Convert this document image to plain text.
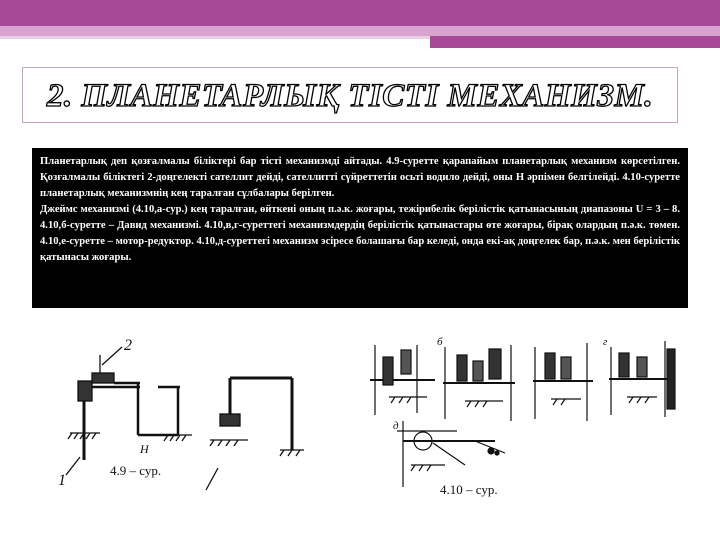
2. ПЛАНЕТАРЛЫҚ ТІСТІ МЕХАНИЗМ.

Планетарлық деп қозғалмалы біліктері бар тісті механизмді айтады. 4.9-суретте қарапайым планетарлық механизм көрсетілген. Қозғалмалы біліктегі 2-доңгелекті сателлит дейді, сателлитті сүйреттетін осьті водило дейді, оны H әрпімен белгілейді. 4.10-суретте планетарлық механизмнің кең таралған сұлбалары берілген.

Джеймс механизмі (4.10,а-сур.) кең таралған, өйткені оның п.ә.к. жоғары, тежірибелік берілістік қатынасының диапазоны U = 3 – 8. 4.10,б-суретте – Давид механизмі. 4.10,в,г-суреттегі механизмдердің берілістік қатынастары өте жоғары, бірақ олардың п.ә.к. төмен. 4.10,е-суретте – мотор-редуктор. 4.10,д-суреттегі механизм эсіресе болашағы бар келеді, онда екі-ақ доңгелек бар, п.ә.к. мен берілістік қатынасы жоғары.

2
1
H
4.9 – сур.
б	г
д
4.10 – сур.
